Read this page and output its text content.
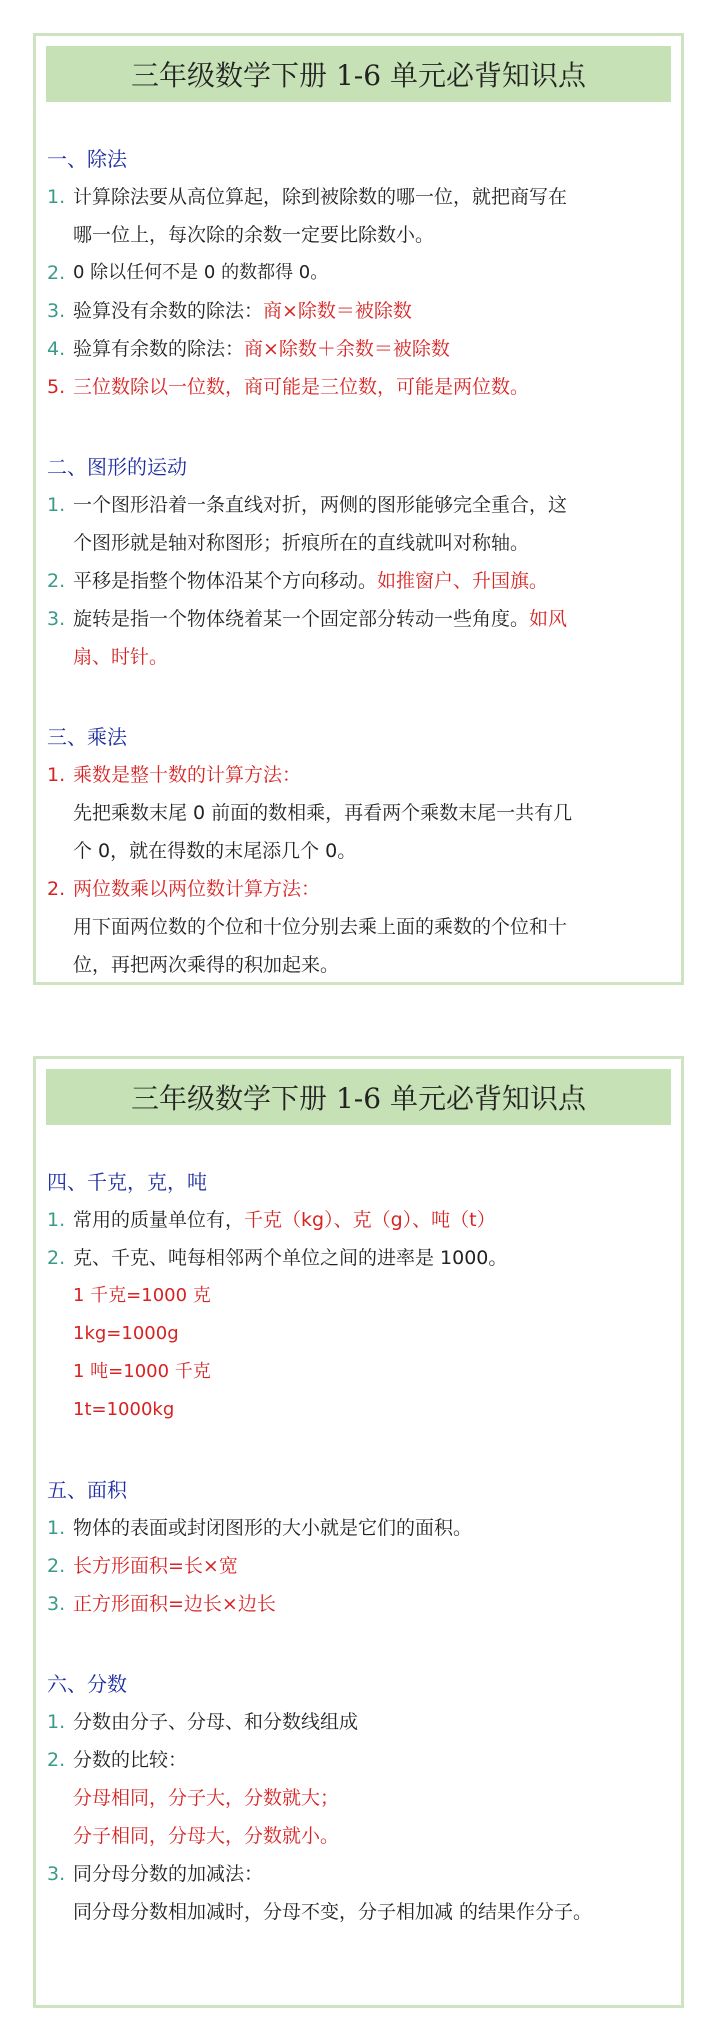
三年级数学下册 1-6 单元必背知识点
一、除法
1. 计算除法要从高位算起，除到被除数的哪一位，就把商写在
哪一位上，每次除的余数一定要比除数小。
2. 0 除以任何不是 0 的数都得 0。
3. 验算没有余数的除法：商×除数＝被除数
4. 验算有余数的除法：商×除数＋余数＝被除数
5. 三位数除以一位数，商可能是三位数，可能是两位数。
二、图形的运动
1. 一个图形沿着一条直线对折，两侧的图形能够完全重合，这
个图形就是轴对称图形；折痕所在的直线就叫对称轴。
2. 平移是指整个物体沿某个方向移动。如推窗户、升国旗。
3. 旋转是指一个物体绕着某一个固定部分转动一些角度。如风
扇、时针。
三、乘法
1. 乘数是整十数的计算方法：
先把乘数末尾 0 前面的数相乘，再看两个乘数末尾一共有几
个 0，就在得数的末尾添几个 0。
2. 两位数乘以两位数计算方法：
用下面两位数的个位和十位分别去乘上面的乘数的个位和十
位，再把两次乘得的积加起来。
三年级数学下册 1-6 单元必背知识点
四、千克，克，吨
1. 常用的质量单位有，千克（kg）、克（g）、吨（t）
2. 克、千克、吨每相邻两个单位之间的进率是 1000。
1 千克=1000 克
1kg=1000g
1 吨=1000 千克
1t=1000kg
五、面积
1. 物体的表面或封闭图形的大小就是它们的面积。
2. 长方形面积=长×宽
3. 正方形面积=边长×边长
六、分数
1. 分数由分子、分母、和分数线组成
2. 分数的比较：
分母相同，分子大，分数就大；
分子相同，分母大，分数就小。
3. 同分母分数的加减法：
同分母分数相加减时，分母不变，分子相加减 的结果作分子。
